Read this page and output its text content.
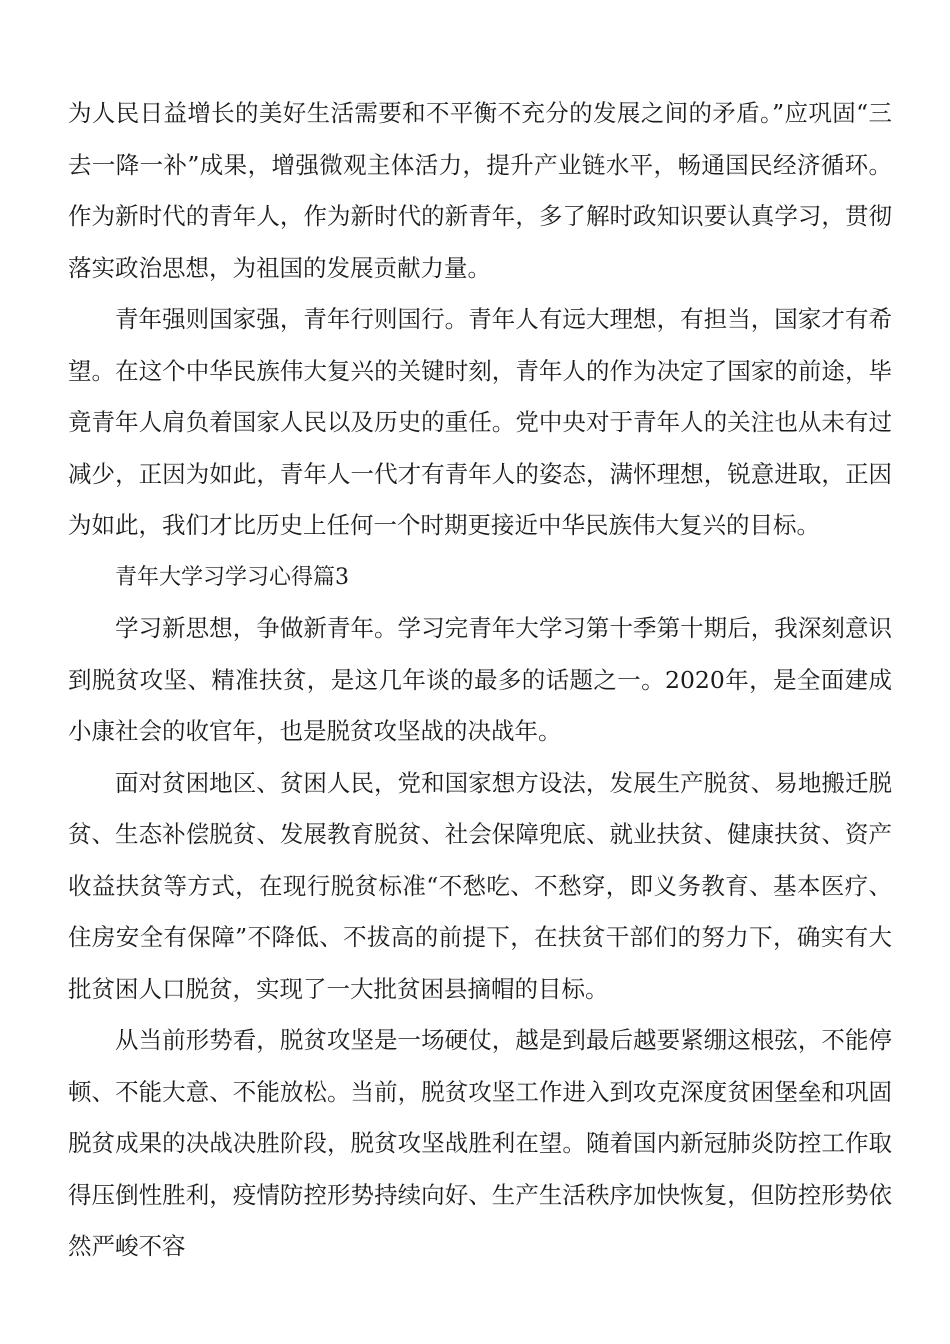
为人民日益增长的美好生活需要和不平衡不充分的发展之间的矛盾。”应巩固“三去一降一补”成果，增强微观主体活力，提升产业链水平，畅通国民经济循环。作为新时代的青年人，作为新时代的新青年，多了解时政知识要认真学习，贯彻落实政治思想，为祖国的发展贡献力量。

青年强则国家强，青年行则国行。青年人有远大理想，有担当，国家才有希望。在这个中华民族伟大复兴的关键时刻，青年人的作为决定了国家的前途，毕竟青年人肩负着国家人民以及历史的重任。党中央对于青年人的关注也从未有过减少，正因为如此，青年人一代才有青年人的姿态，满怀理想，锐意进取，正因为如此，我们才比历史上任何一个时期更接近中华民族伟大复兴的目标。

青年大学习学习心得篇3

学习新思想，争做新青年。学习完青年大学习第十季第十期后，我深刻意识到脱贫攻坚、精准扶贫，是这几年谈的最多的话题之一。2020年，是全面建成小康社会的收官年，也是脱贫攻坚战的决战年。

面对贫困地区、贫困人民，党和国家想方设法，发展生产脱贫、易地搬迁脱贫、生态补偿脱贫、发展教育脱贫、社会保障兜底、就业扶贫、健康扶贫、资产收益扶贫等方式，在现行脱贫标准“不愁吃、不愁穿，即义务教育、基本医疗、住房安全有保障”不降低、不拔高的前提下，在扶贫干部们的努力下，确实有大批贫困人口脱贫，实现了一大批贫困县摘帽的目标。

从当前形势看，脱贫攻坚是一场硬仗，越是到最后越要紧绷这根弦，不能停顿、不能大意、不能放松。当前，脱贫攻坚工作进入到攻克深度贫困堡垒和巩固脱贫成果的决战决胜阶段，脱贫攻坚战胜利在望。随着国内新冠肺炎防控工作取得压倒性胜利，疫情防控形势持续向好、生产生活秩序加快恢复，但防控形势依然严峻不容
